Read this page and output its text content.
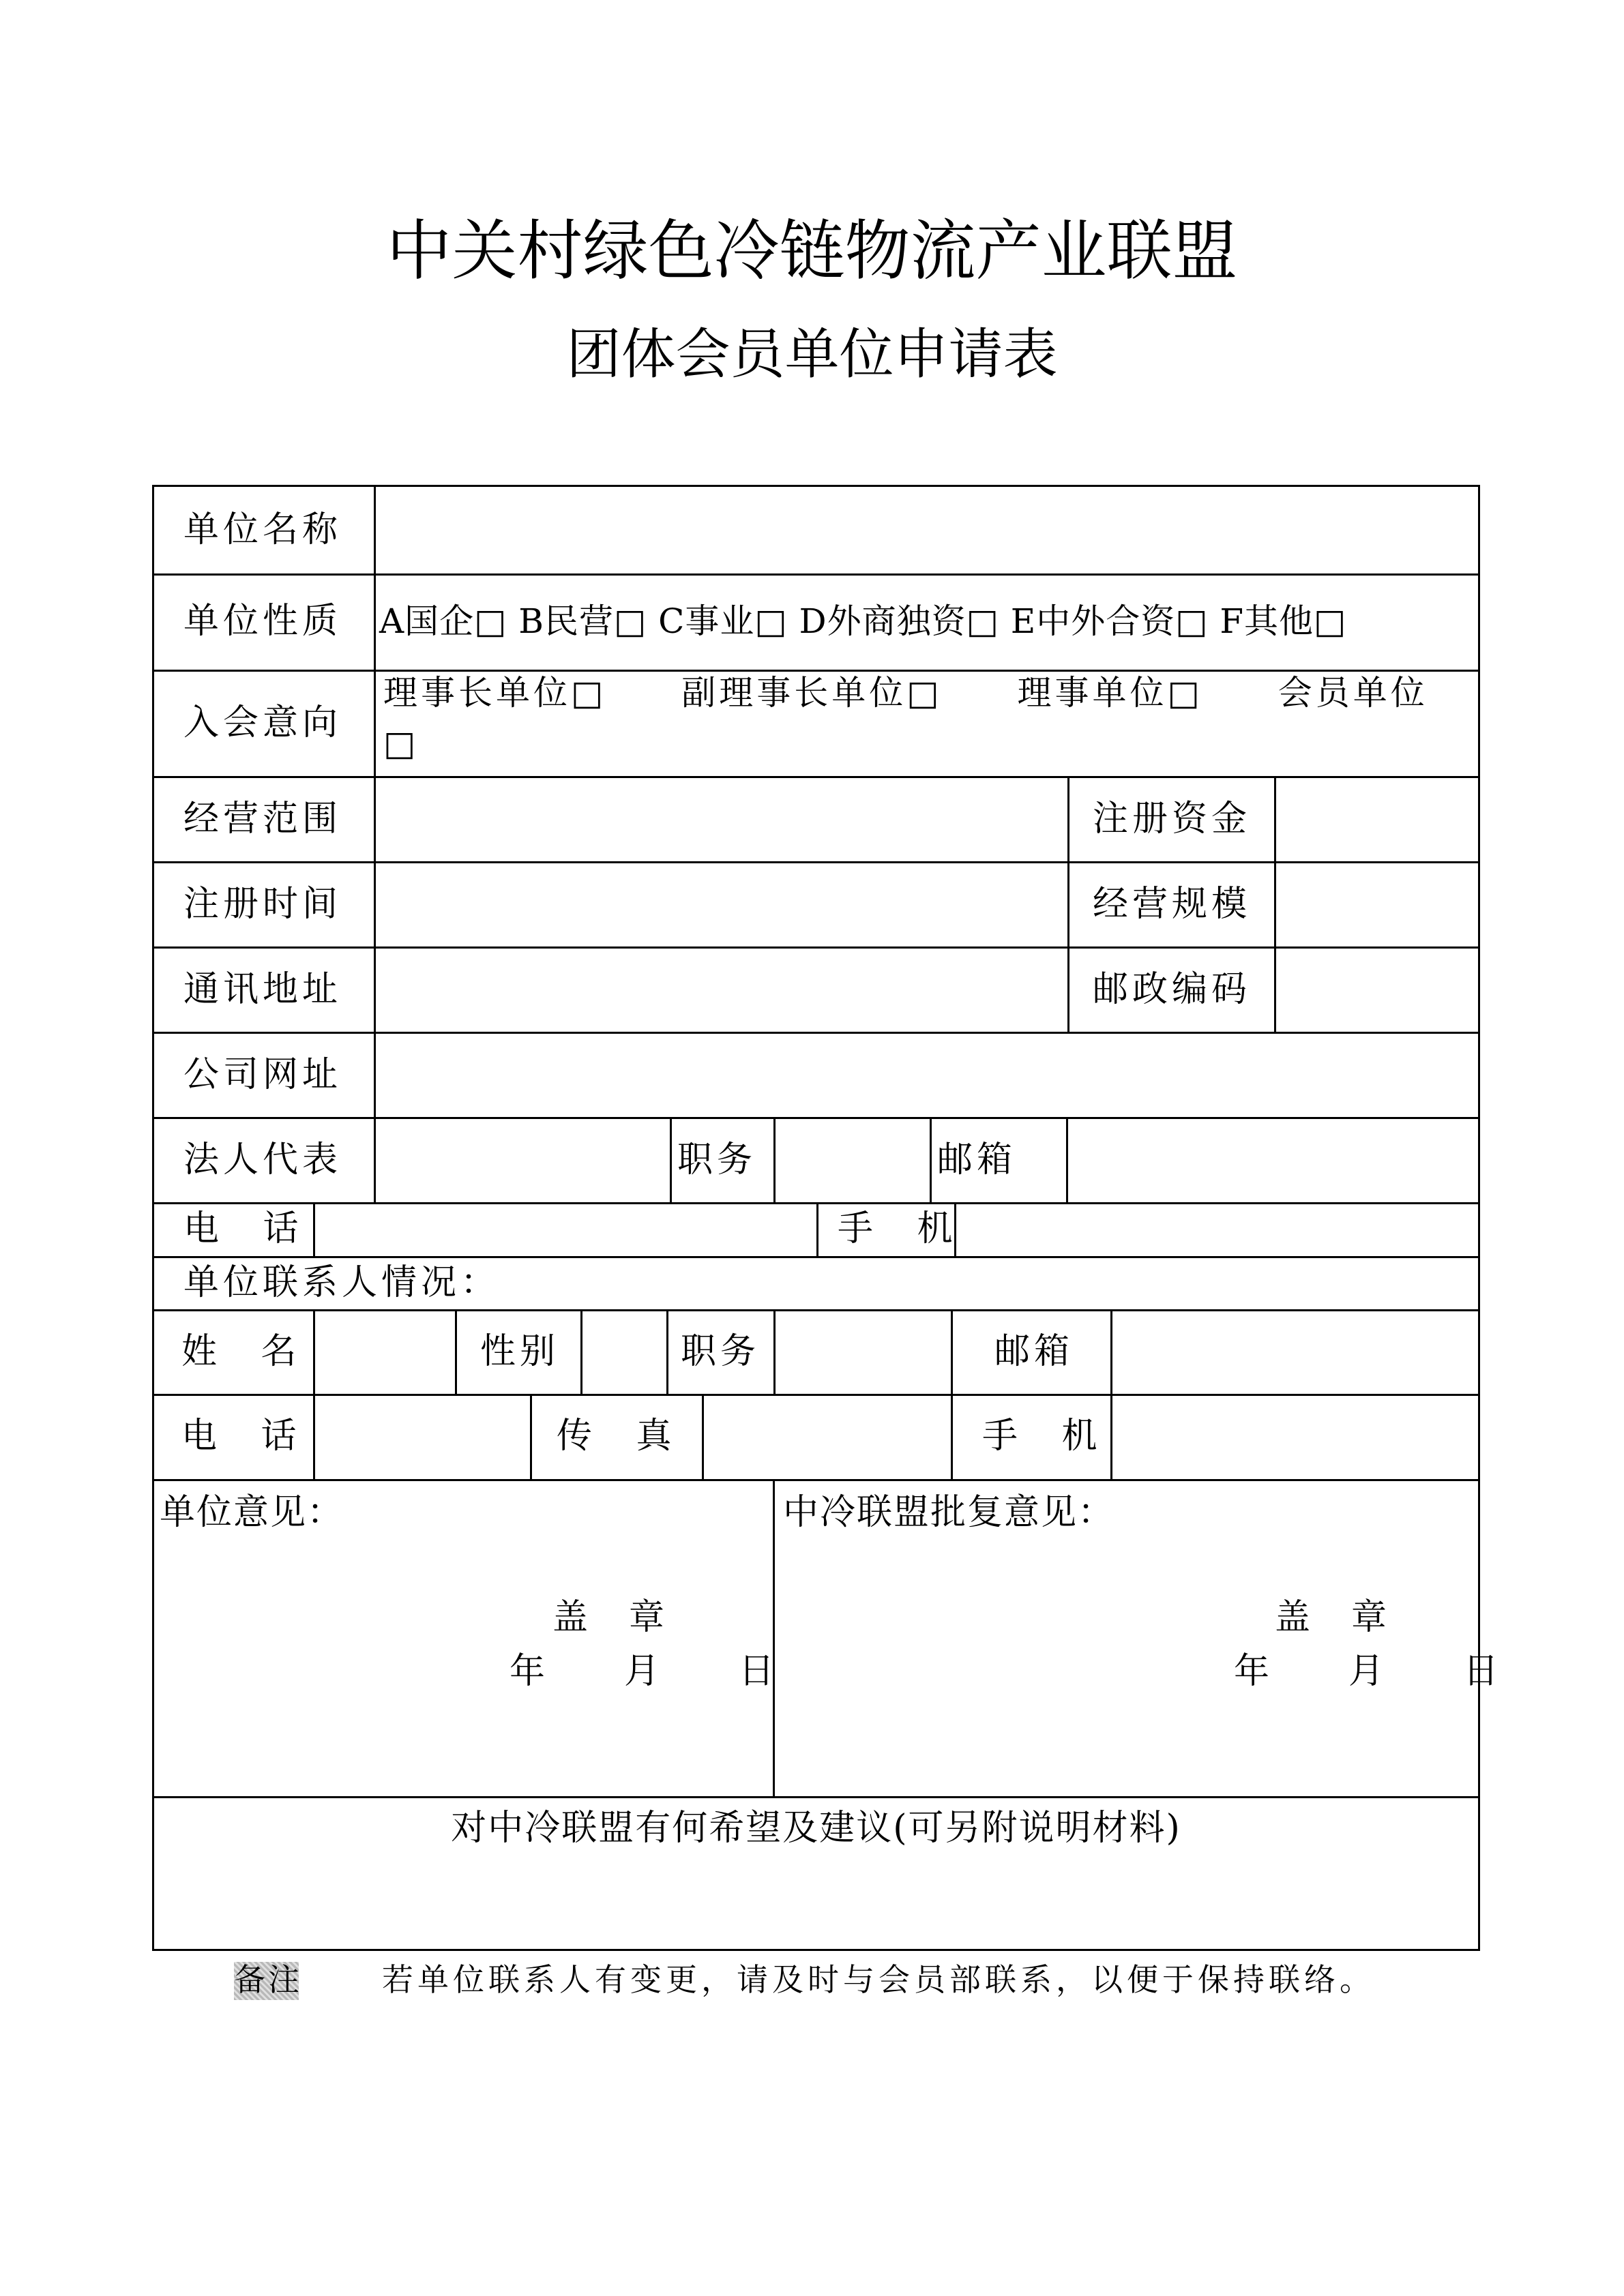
中关村绿色冷链物流产业联盟
团体会员单位申请表
单位名称
单位性质 A国企□ B民营□ C事业□ D外商独资□ E中外合资□ F其他□
入会意向
理事长单位□　　副理事长单位□　　理事单位□　　会员单位
□
经营范围	注册资金
注册时间	经营规模
通讯地址	邮政编码
公司网址
法人代表	职务	邮箱
电 话	手 机
单位联系人情况：
姓 名	性别	职务	邮箱
电 话	传 真	手 机
单位意见：
盖　章
年　　月　　日
中冷联盟批复意见：
盖　章
年　　月　　日
对中冷联盟有何希望及建议(可另附说明材料)
备注	若单位联系人有变更，请及时与会员部联系，以便于保持联络。
